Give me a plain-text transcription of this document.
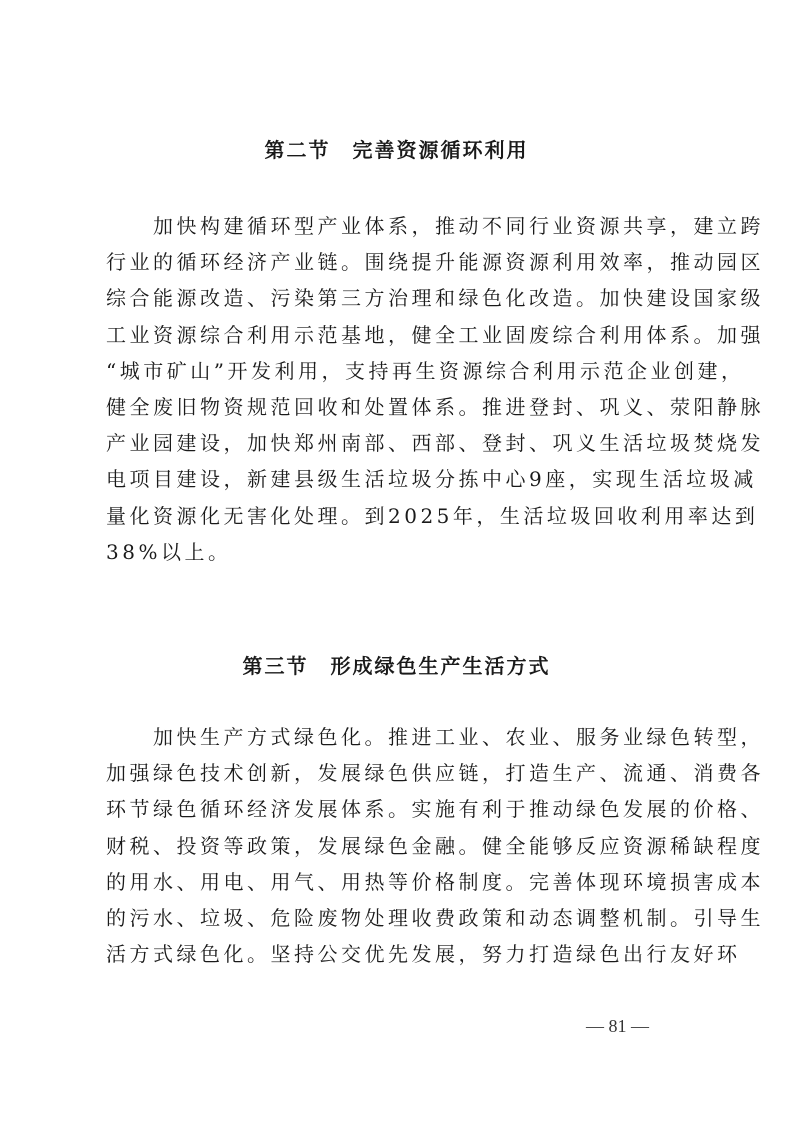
第二节　完善资源循环利用
　　加快构建循环型产业体系，推动不同行业资源共享，建立跨
行业的循环经济产业链。围绕提升能源资源利用效率，推动园区
综合能源改造、污染第三方治理和绿色化改造。加快建设国家级
工业资源综合利用示范基地，健全工业固废综合利用体系。加强
“城市矿山”开发利用，支持再生资源综合利用示范企业创建，
健全废旧物资规范回收和处置体系。推进登封、巩义、荥阳静脉
产业园建设，加快郑州南部、西部、登封、巩义生活垃圾焚烧发
电项目建设，新建县级生活垃圾分拣中心9座，实现生活垃圾减
量化资源化无害化处理。到2025年，生活垃圾回收利用率达到
38%以上。
第三节　形成绿色生产生活方式
　　加快生产方式绿色化。推进工业、农业、服务业绿色转型，
加强绿色技术创新，发展绿色供应链，打造生产、流通、消费各
环节绿色循环经济发展体系。实施有利于推动绿色发展的价格、
财税、投资等政策，发展绿色金融。健全能够反应资源稀缺程度
的用水、用电、用气、用热等价格制度。完善体现环境损害成本
的污水、垃圾、危险废物处理收费政策和动态调整机制。引导生
活方式绿色化。坚持公交优先发展，努力打造绿色出行友好环
— 81 —
